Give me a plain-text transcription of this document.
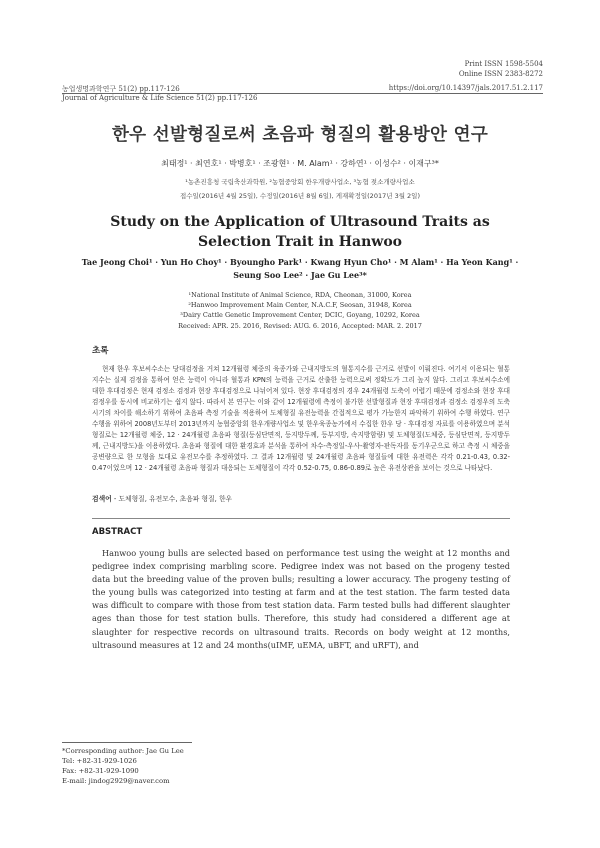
Print ISSN 1598-5504
Online ISSN 2383-8272
농업생명과학연구 51(2) pp.117-126	https://doi.org/10.14397/jals.2017.51.2.117
Journal of Agriculture & Life Science 51(2) pp.117-126
한우 선발형질로써 초음파 형질의 활용방안 연구
최태정¹ · 최연호¹ · 박병호¹ · 조광현¹ · M. Alam¹ · 강하연¹ · 이성수² · 이재구³*
¹농촌진흥청 국립축산과학원, ²농협중앙회 한우개량사업소, ³농협 젖소개량사업소
접수일(2016년 4월 25일), 수정일(2016년 8월 6일), 게재확정일(2017년 3월 2일)
Study on the Application of Ultrasound Traits as
Selection Trait in Hanwoo
Tae Jeong Choi¹ · Yun Ho Choy¹ · Byoungho Park¹ · Kwang Hyun Cho¹ · M Alam¹ · Ha Yeon Kang¹ ·
Seung Soo Lee² · Jae Gu Lee³*
¹National Institute of Animal Science, RDA, Cheonan, 31000, Korea
²Hanwoo Improvement Main Center, N.A.C.F, Seosan, 31948, Korea
³Dairy Cattle Genetic Improvement Center, DCIC, Goyang, 10292, Korea
Received: APR. 25. 2016, Revised: AUG. 6. 2016, Accepted: MAR. 2. 2017
초록

현재 한우 후보씨수소는 당대검정을 거쳐 12개월령 체중의 육종가와 근내지방도의 혈통지수를 근거로 선발이 이뤄진다. 여기서 이용되는 혈통지수는 실제 검정을 통하여 얻은 능력이 아니라 혈통과 KPN의 능력을 근거로 산출한 능력으로써 정확도가 그리 높지 않다. 그리고 후보씨수소에 대한 후대검정은 현재 검정소 검정과 현장 후대검정으로 나뉘어져 있다. 현장 후대검정의 경우 24개월령 도축이 어렵기 때문에 검정소와 현장 후대검정우를 동시에 비교하기는 쉽지 않다. 따라서 본 연구는 이와 같이 12개월령에 측정이 불가한 선발형질과 현장 후대검정과 검정소 검정우의 도축시기의 차이를 해소하기 위하여 초음파 측정 기술을 적용하여 도체형질 유전능력을 간접적으로 평가 가능한지 파악하기 위하여 수행 하였다. 연구수행을 위하여 2008년도부터 2013년까지 농협중앙회 한우개량사업소 및 한우육종농가에서 수집한 한우 당 · 후대검정 자료를 이용하였으며 분석형질로는 12개월령 체중, 12 · 24개월령 초음파 형질(등심단면적, 등지방두께, 등부지방, 속지방함량) 및 도체형질(도체중, 등심단면적, 등지방두께, 근내지방도)을 이용하였다. 초음파 형질에 대한 환경효과 분석을 통하여 차수-측정일-우사-촬영자-판독자를 동기우군으로 하고 측정 시 체중을 공변량으로 한 모형을 토대로 유전모수를 추정하였다. 그 결과 12개월령 및 24개월령 초음파 형질들에 대한 유전력은 각각 0.21-0.43, 0.32-0.47이었으며 12 · 24개월령 초음파 형질과 대응되는 도체형질이 각각 0.52-0.75, 0.86-0.89로 높은 유전상관을 보이는 것으로 나타났다.

검색어 - 도체형질, 유전모수, 초음파 형질, 한우
ABSTRACT

Hanwoo young bulls are selected based on performance test using the weight at 12 months and pedigree index comprising marbling score. Pedigree index was not based on the progeny tested data but the breeding value of the proven bulls; resulting a lower accuracy. The progeny testing of the young bulls was categorized into testing at farm and at the test station. The farm tested data was difficult to compare with those from test station data. Farm tested bulls had different slaughter ages than those for test station bulls. Therefore, this study had considered a different age at slaughter for respective records on ultrasound traits. Records on body weight at 12 months, ultrasound measures at 12 and 24 months(uIMF, uEMA, uBFT, and uRFT), and

*Corresponding author: Jae Gu Lee
Tel: +82-31-929-1026
Fax: +82-31-929-1090
E-mail: jindog2929@naver.com
